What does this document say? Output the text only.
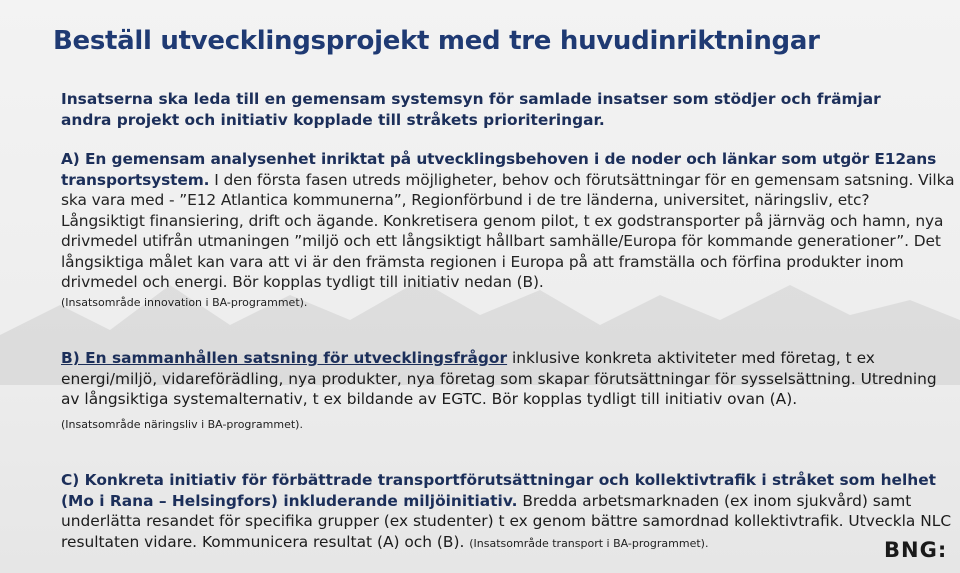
Beställ utvecklingsprojekt med tre huvudinriktningar

Insatserna ska leda till en gemensam systemsyn för samlade insatser som stödjer och främjar andra projekt och initiativ kopplade till stråkets prioriteringar.

A) En gemensam analysenhet inriktat på utvecklingsbehoven i de noder och länkar som utgör E12ans transportsystem. I den första fasen utreds möjligheter, behov och förutsättningar för en gemensam satsning. Vilka ska vara med - ”E12 Atlantica kommunerna”, Regionförbund i de tre länderna, universitet, näringsliv, etc? Långsiktigt finansiering, drift och ägande. Konkretisera genom pilot, t ex godstransporter på järnväg och hamn, nya drivmedel utifrån utmaningen ”miljö och ett långsiktigt hållbart samhälle/Europa för kommande generationer”. Det långsiktiga målet kan vara att vi är den främsta regionen i Europa på att framställa och förfina produkter inom drivmedel och energi. Bör kopplas tydligt till initiativ nedan (B).

(Insatsområde innovation i BA-programmet).

B) En sammanhållen satsning för utvecklingsfrågor inklusive konkreta aktiviteter med företag, t ex energi/miljö, vidareförädling, nya produkter, nya företag som skapar förutsättningar för sysselsättning. Utredning av långsiktiga systemalternativ, t ex bildande av EGTC. Bör kopplas tydligt till initiativ ovan (A).

(Insatsområde näringsliv i BA-programmet).

C) Konkreta initiativ för förbättrade transportförutsättningar och kollektivtrafik i stråket som helhet (Mo i Rana – Helsingfors) inkluderande miljöinitiativ. Bredda arbetsmarknaden (ex inom sjukvård) samt underlätta resandet för specifika grupper (ex studenter) t ex genom bättre samordnad kollektivtrafik. Utveckla NLC resultaten vidare. Kommunicera resultat (A) och (B). (Insatsområde transport i BA-programmet).	BNG:
